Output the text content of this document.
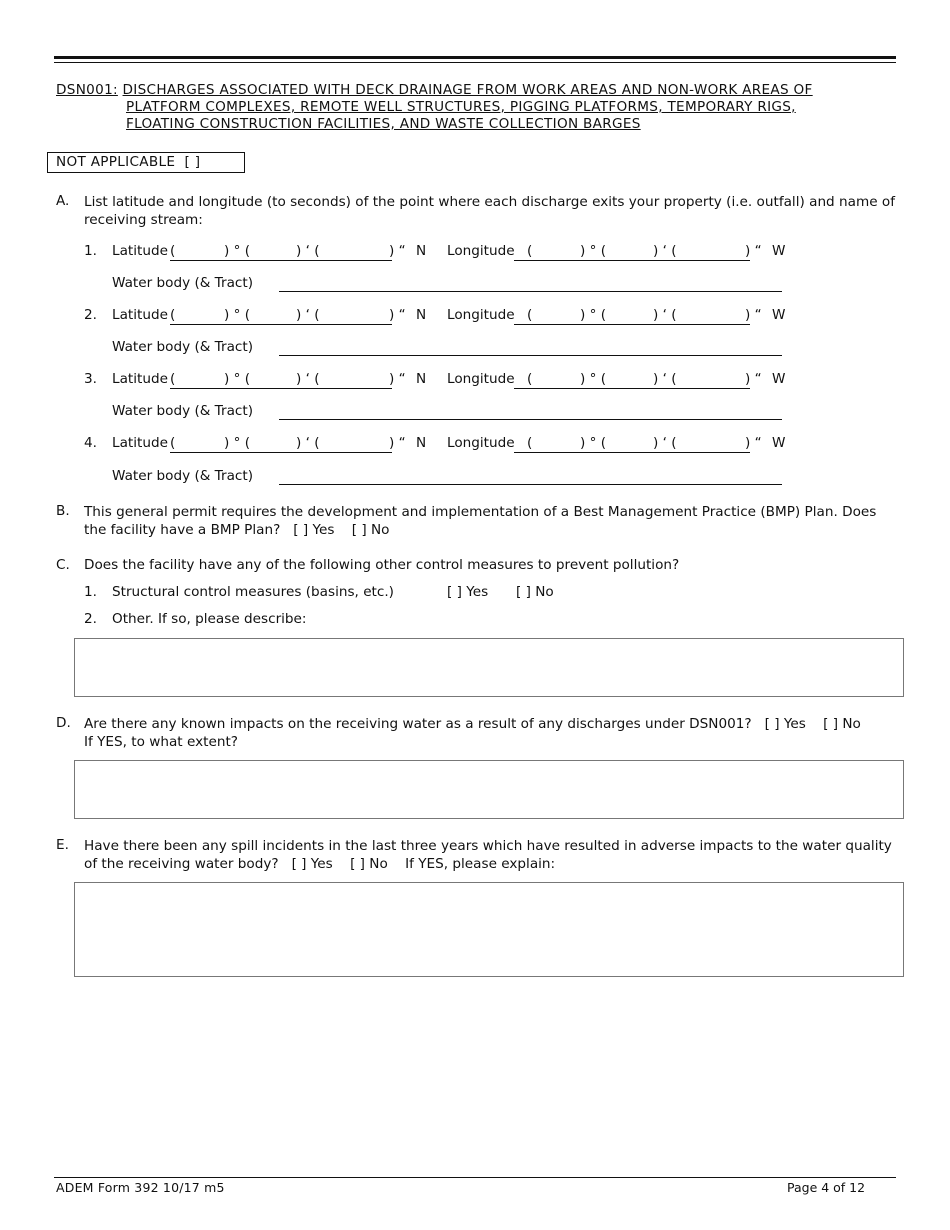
DSN001: DISCHARGES ASSOCIATED WITH DECK DRAINAGE FROM WORK AREAS AND NON-WORK AREAS OF
PLATFORM COMPLEXES, REMOTE WELL STRUCTURES, PIGGING PLATFORMS, TEMPORARY RIGS,
FLOATING CONSTRUCTION FACILITIES, AND WASTE COLLECTION BARGES
NOT APPLICABLE [ ]
A. List latitude and longitude (to seconds) of the point where each discharge exits your property (i.e. outfall) and name of receiving stream:
1. Latitude (	) ° (	) ‘ (	) “ N Longitude (	) ° (	) ‘ (	) “ W
Water body (& Tract)
2. Latitude (	) ° (	) ‘ (	) “ N Longitude (	) ° (	) ‘ (	) “ W
Water body (& Tract)
3. Latitude (	) ° (	) ‘ (	) “ N Longitude (	) ° (	) ‘ (	) “ W
Water body (& Tract)
4. Latitude (	) ° (	) ‘ (	) “ N Longitude (	) ° (	) ‘ (	) “ W
Water body (& Tract)
B. This general permit requires the development and implementation of a Best Management Practice (BMP) Plan. Does the facility have a BMP Plan? [ ] Yes [ ] No
C. Does the facility have any of the following other control measures to prevent pollution?
1. Structural control measures (basins, etc.)	[ ] Yes [ ] No
2. Other. If so, please describe:
D. Are there any known impacts on the receiving water as a result of any discharges under DSN001? [ ] Yes [ ] No
If YES, to what extent?
E. Have there been any spill incidents in the last three years which have resulted in adverse impacts to the water quality of the receiving water body? [ ] Yes [ ] No If YES, please explain:
ADEM Form 392 10/17 m5	Page 4 of 12
